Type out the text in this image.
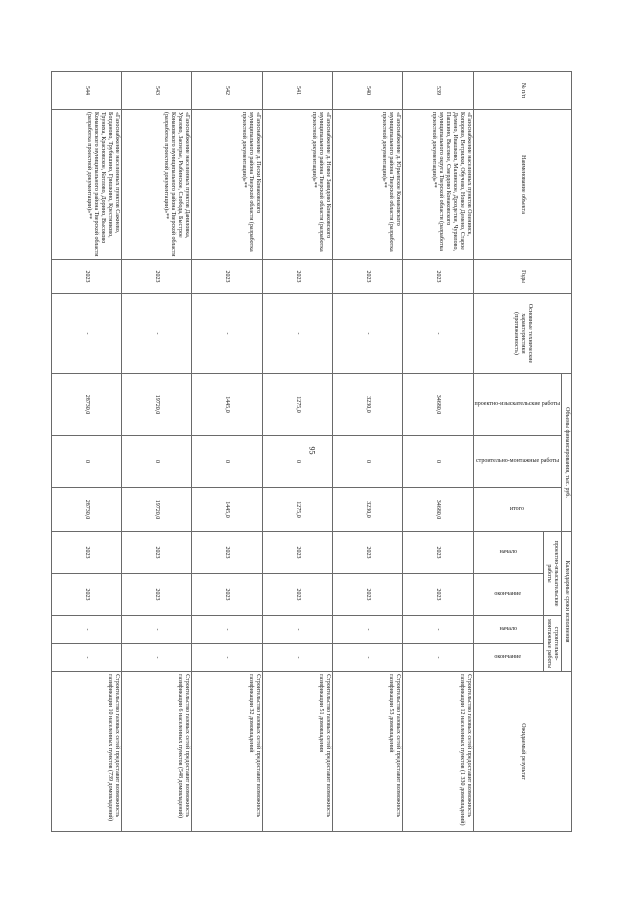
95
№ п/п	Наименование объекта	Годы	Основные технические характеристики (протяженность)	Объемы финансирования, тыс. руб.			Календарные сроки исполнения				Ожидаемый результат

				проектно-изыскательские работы	строительно-монтажные работы	итого	проектно-изыскательские работы		строительно-монтажные работы		

							начало	окончание	начало	окончание	

539	«Газоснабжение населенных пунктов Оленинск, Копорово, Ветрилки, Обучево, Новое Демено, Старое Демено, Ивашково, Малинское, Дроздетки, Чурилово, Пашкино, Высокое, Смердово Конаковского муниципального округа Тверской области (разработка проектной документации)»**	2023	-	34680,0	0	34680,0	2023	2023	-	-	Строительство газовых сетей предоставит возможность газификации 12 населенных пунктов (1 330 домовладений)
540	«Газоснабжение д. Юрьевское Конаковского муниципального района Тверской области (разработка проектной документации)»**	2023	-	3230,0	0	3230,0	2023	2023	-	-	Строительство газовых сетей предоставит возможность газификации 53 домовладений
541	«Газоснабжение д. Новое Завидово Конаковского муниципального района Тверской области (разработка проектной документации)»**	2023	-	1275,0	0	1275,0	2023	2023	-	-	Строительство газовых сетей предоставит возможность газификации 51 домовладения
542	«Газоснабжение д. Пески Конаковского муниципального района Тверской области (разработка проектной документации)»**	2023	-	1445,0	0	1445,0	2023	2023	-	-	Строительство газовых сетей предоставит возможность газификации 32 домовладений
543	«Газоснабжение населенных пунктов Даниловка, Уразово, Заозерье, Рыбинское, Слобода, Быстрое Конаковского муниципального района Тверской области (разработка проектной документации)»**	2023	-	19720,0	0	19720,0	2023	2023	-	-	Строительство газовых сетей предоставит возможность газификации 6 населенных пунктов (548 домовладений)
544	«Газоснабжение населенных пунктов Сажнево, Богданово, Трубишино, Гришкино, Крестниково, Труниха, Красновское, Котлово, Дорино, Высоково Конаковского муниципального района Тверской области (разработка проектной документации)»**	2023	-	28730,0	0	28730,0	2023	2023	-	-	Строительство газовых сетей предоставит возможность газификации 10 населенных пунктов (739 домовладений)
